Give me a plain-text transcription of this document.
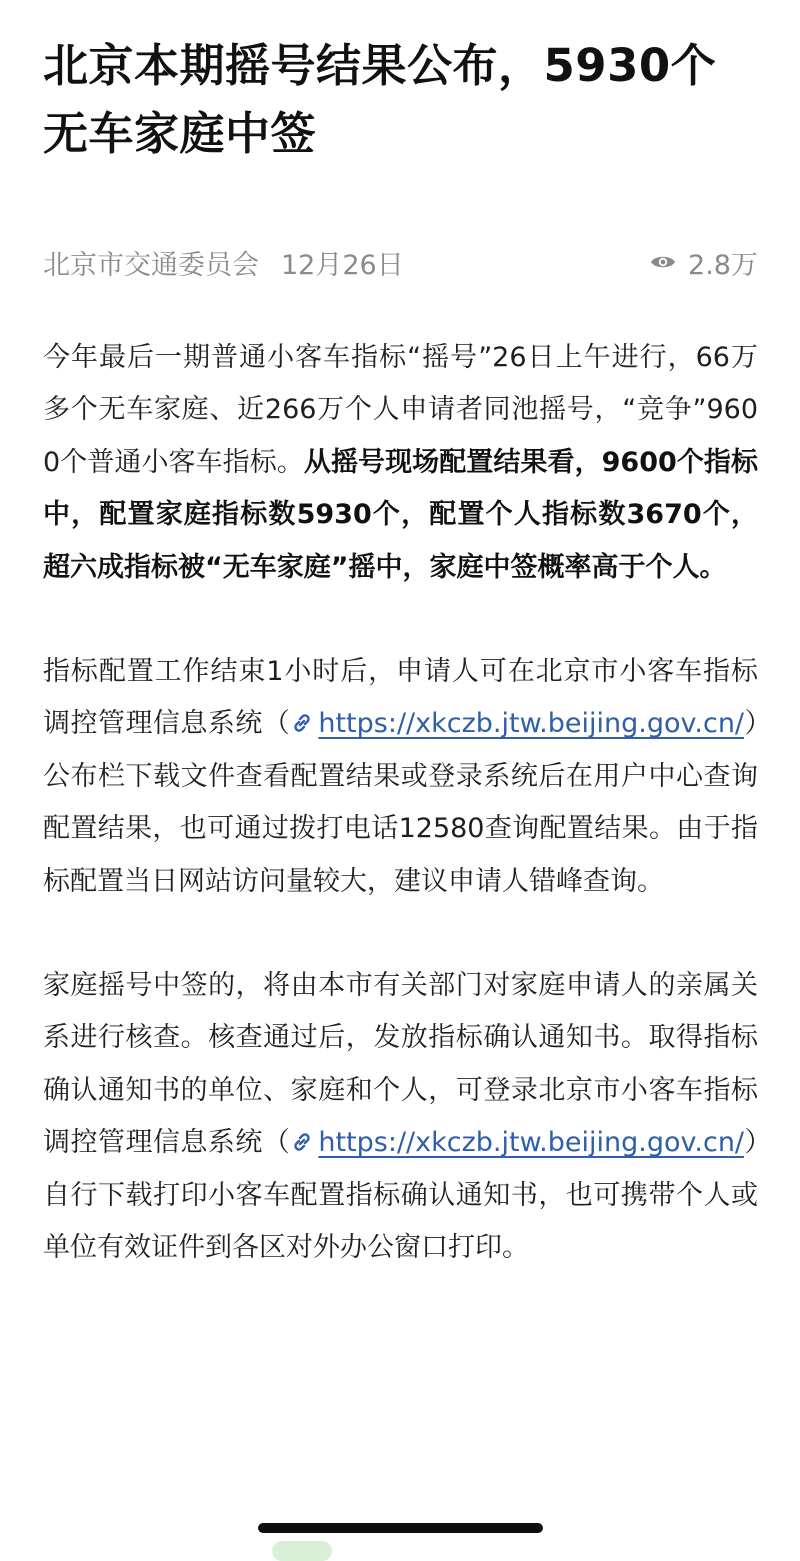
北京本期摇号结果公布，5930个无车家庭中签
北京市交通委员会 12月26日	2.8万

今年最后一期普通小客车指标“摇号”26日上午进行，66万多个无车家庭、近266万个人申请者同池摇号，“竞争”9600个普通小客车指标。从摇号现场配置结果看，9600个指标中，配置家庭指标数5930个，配置个人指标数3670个，超六成指标被“无车家庭”摇中，家庭中签概率高于个人。

指标配置工作结束1小时后，申请人可在北京市小客车指标调控管理信息系统（ https://xkczb.jtw.beijing.gov.cn/）公布栏下载文件查看配置结果或登录系统后在用户中心查询配置结果，也可通过拨打电话12580查询配置结果。由于指标配置当日网站访问量较大，建议申请人错峰查询。

家庭摇号中签的，将由本市有关部门对家庭申请人的亲属关系进行核查。核查通过后，发放指标确认通知书。取得指标确认通知书的单位、家庭和个人，可登录北京市小客车指标调控管理信息系统（ https://xkczb.jtw.beijing.gov.cn/）自行下载打印小客车配置指标确认通知书，也可携带个人或单位有效证件到各区对外办公窗口打印。
